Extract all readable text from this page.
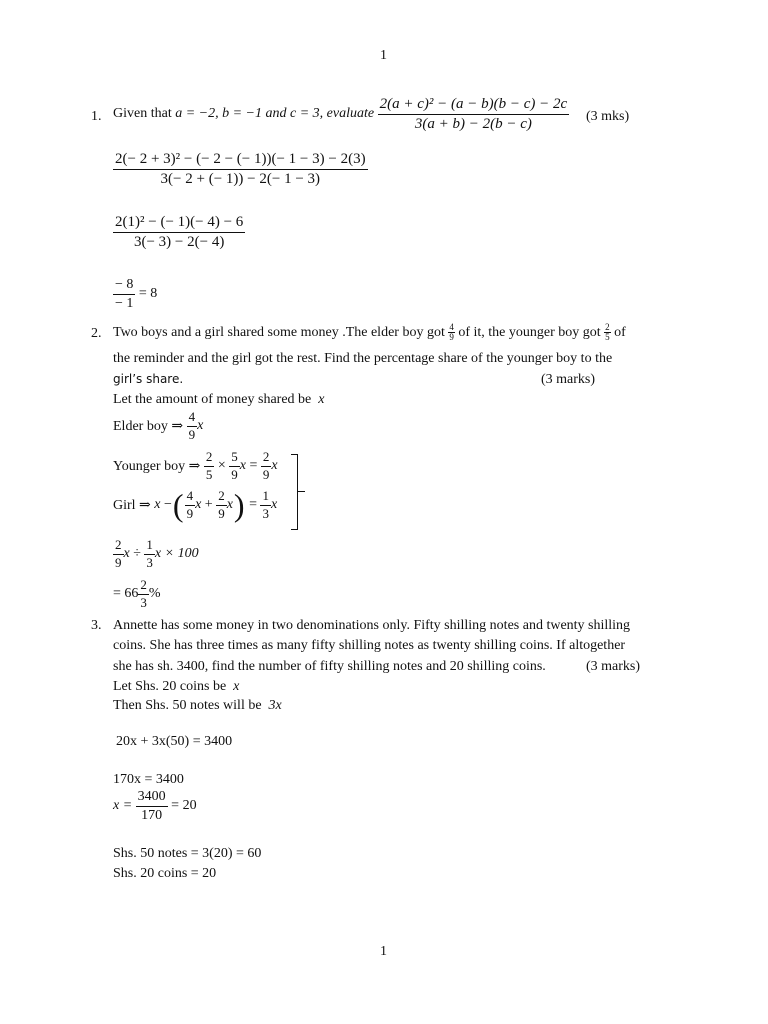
1
1. Given that
a = −2, b = −1 and c = 3, evaluate
$\frac{\text{2(a + c)² − (a − b)(b − c) − 2c}}{3(a + b) - 2(b - c)} (3$ mks)
$\frac{\text{2(− 2 + 3)² − (− 2 − (− 1))(− 1 − 3) − 2(3)}}{3(- 2 + (- 1)) - 2(- 1 - 3)}$
$\frac{\text{2(1)² − (− 1)(− 4) − 6}}{3(- 3) - 2(- 4)}$
$\frac{- 8}{- 1}$
= 8
2. Two boys and a girl shared some money .The elder boy got
$\frac{4}{9}$
of it, the younger boy got
$\frac{2}{5}$
of
the reminder and the girl got the rest. Find the percentage share of the younger boy to the
girl’s share.	(3 marks)
Let the amount of money shared be x
Elder boy ⇒
$\frac{4}{9}$ x
Younger boy ⇒
$\frac{2}{5} \times \frac{5}{9}$ $x = \frac{2}{9}$ x
Girl ⇒
x − ( $\frac{4}{9}$ $x + \frac{2}{9}$ x ) = $\frac{1}{3}$ x
$\frac{2}{9}$ $x \div \frac{1}{3}$ x × 100
= $66 \frac{2}{3}$ %
3. Annette has some money in two denominations only. Fifty shilling notes and twenty shilling
coins. She has three times as many fifty shilling notes as twenty shilling coins. If altogether
she has sh. 3400, find the number of fifty shilling notes and 20 shilling coins.	(3 marks)
Let Shs. 20 coins be x
Then Shs. 50 notes will be 3x
20x + 3x(50) = 3400
170x = 3400
x =
$\frac{3400}{170}$
= 20
Shs. 50 notes = 3(20) = 60
Shs. 20 coins = 20
1
